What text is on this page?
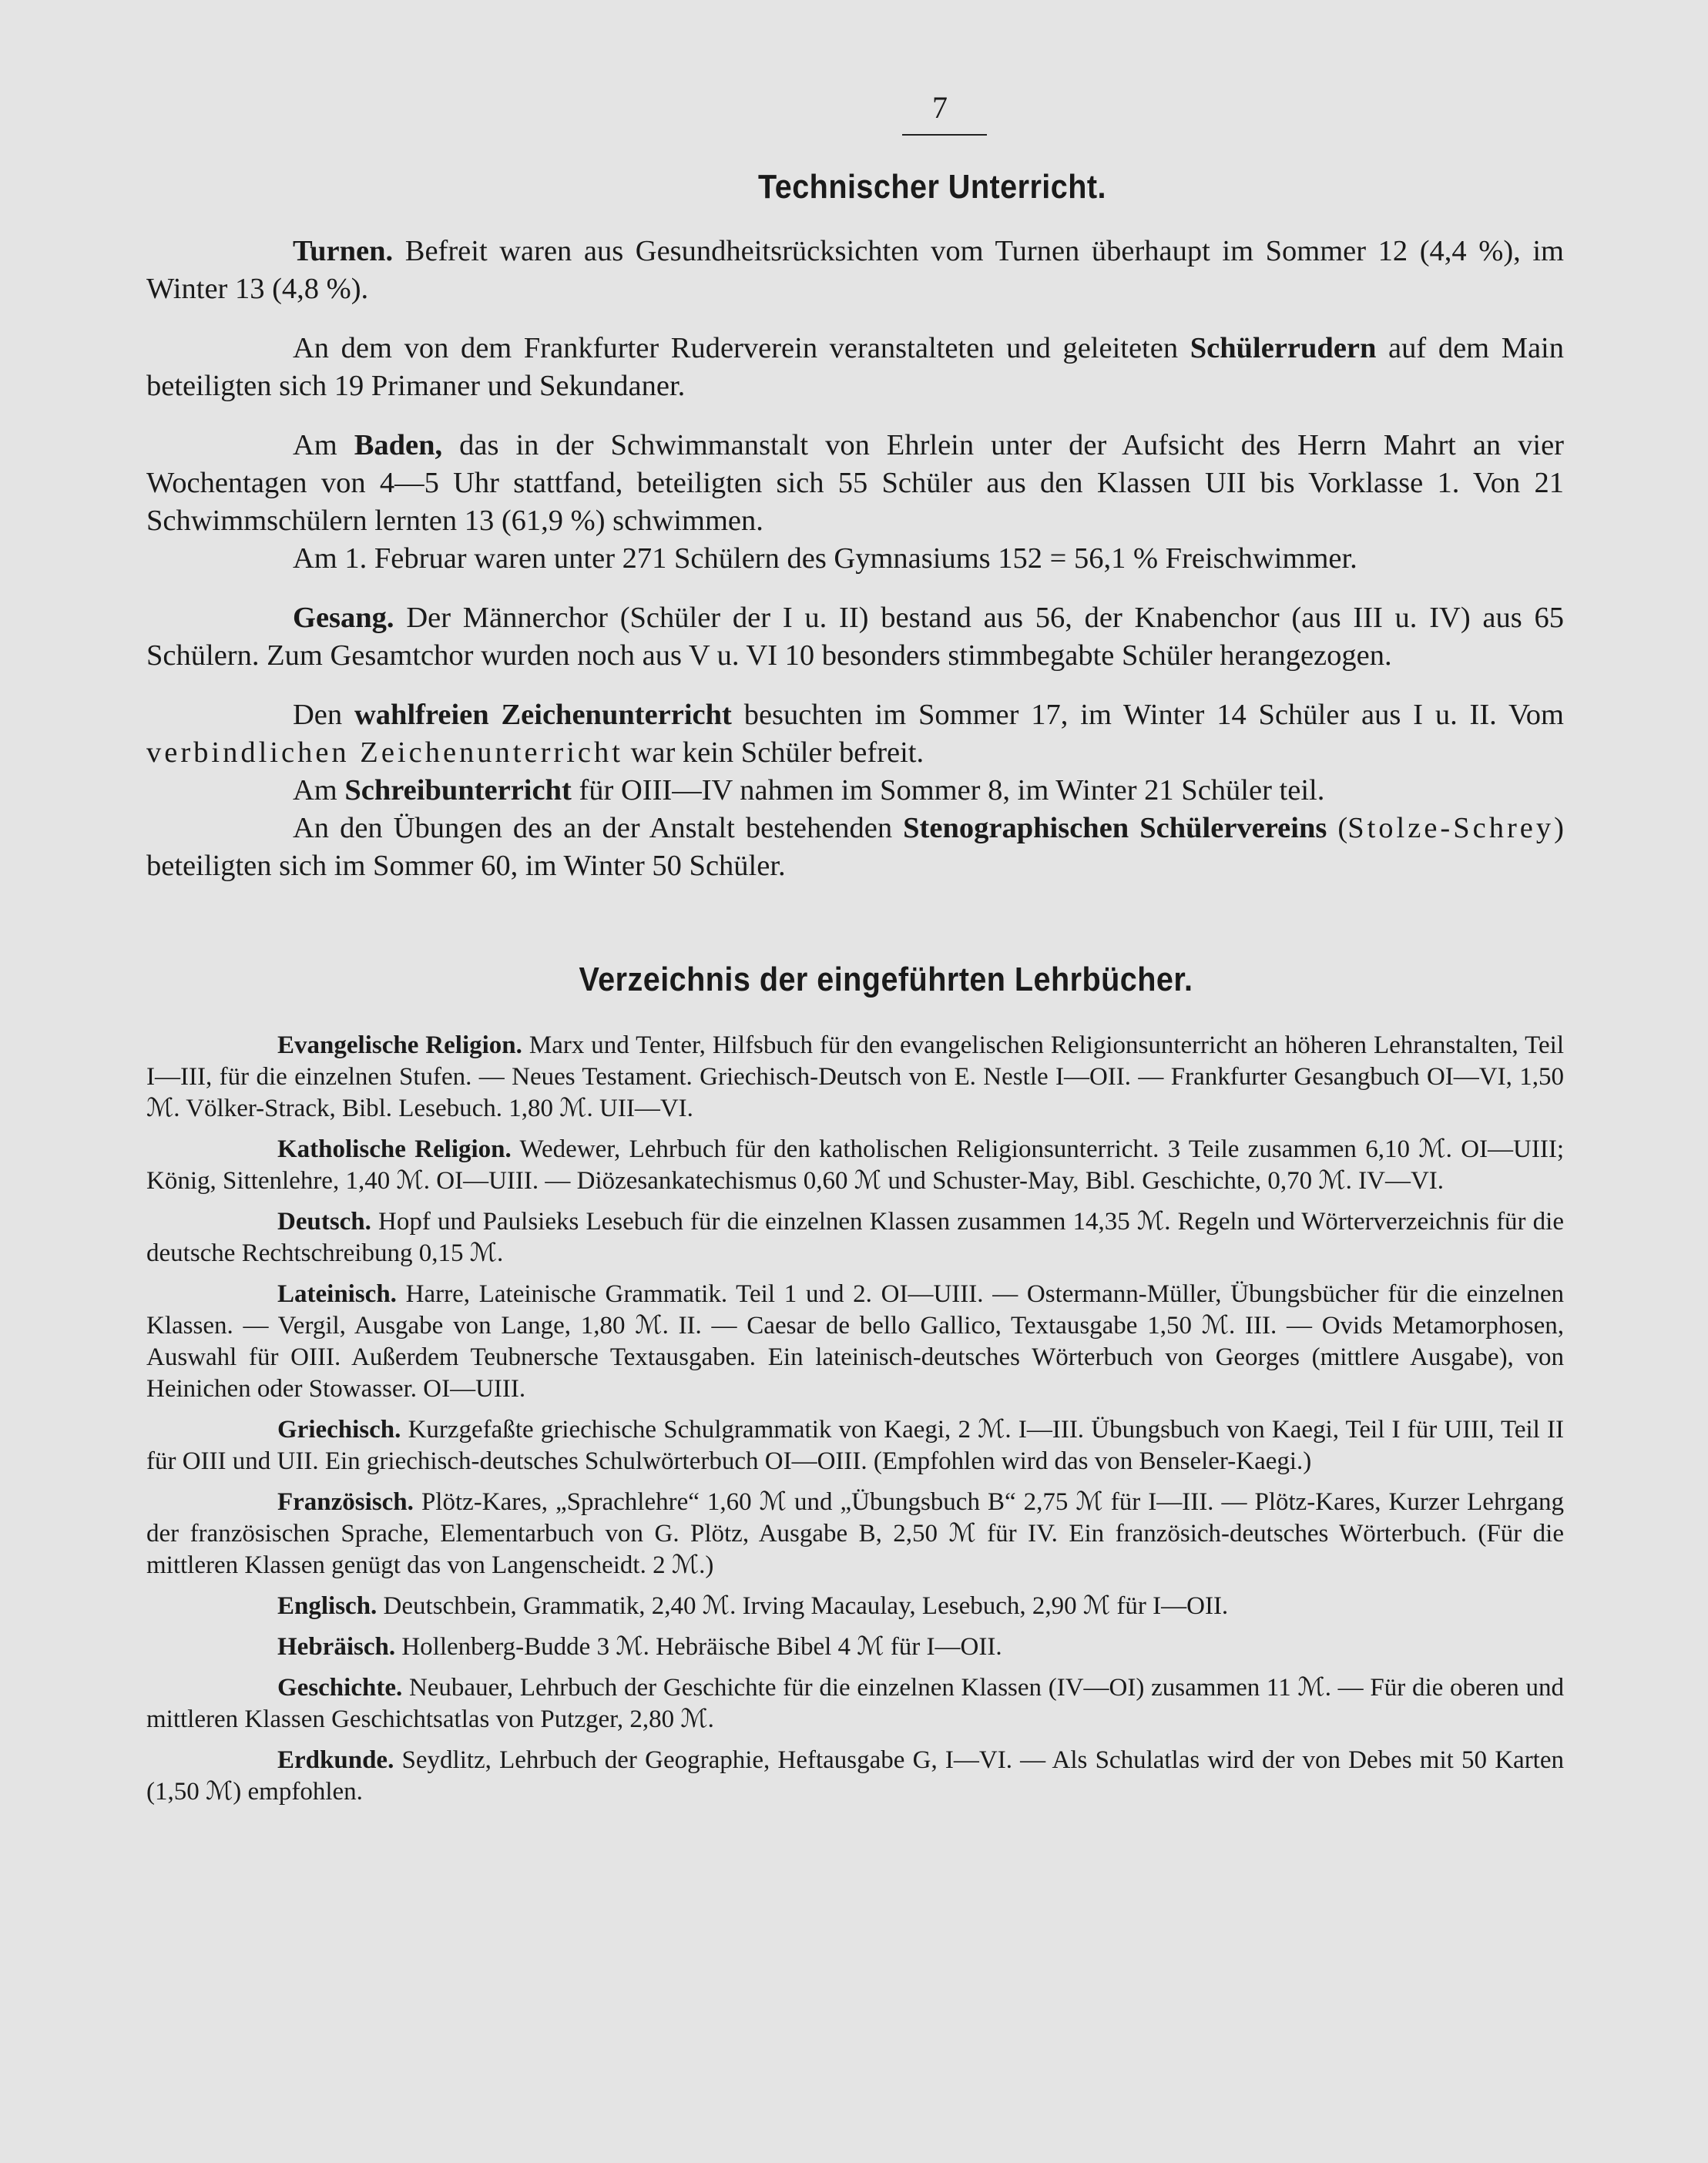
7
Technischer Unterricht.

Turnen. Befreit waren aus Gesundheitsrücksichten vom Turnen überhaupt im Sommer 12 (4,4 %), im Winter 13 (4,8 %).

An dem von dem Frankfurter Ruderverein veranstalteten und geleiteten Schülerrudern auf dem Main beteiligten sich 19 Primaner und Sekundaner.

Am Baden, das in der Schwimmanstalt von Ehrlein unter der Aufsicht des Herrn Mahrt an vier Wochentagen von 4—5 Uhr stattfand, beteiligten sich 55 Schüler aus den Klassen UII bis Vorklasse 1. Von 21 Schwimmschülern lernten 13 (61,9 %) schwimmen.

Am 1. Februar waren unter 271 Schülern des Gymnasiums 152 = 56,1 % Freischwimmer.

Gesang. Der Männerchor (Schüler der I u. II) bestand aus 56, der Knabenchor (aus III u. IV) aus 65 Schülern. Zum Gesamtchor wurden noch aus V u. VI 10 besonders stimmbegabte Schüler herangezogen.

Den wahlfreien Zeichenunterricht besuchten im Sommer 17, im Winter 14 Schüler aus I u. II. Vom verbindlichen Zeichenunterricht war kein Schüler befreit.

Am Schreibunterricht für OIII—IV nahmen im Sommer 8, im Winter 21 Schüler teil.

An den Übungen des an der Anstalt bestehenden Stenographischen Schülervereins (Stolze-Schrey) beteiligten sich im Sommer 60, im Winter 50 Schüler.

Verzeichnis der eingeführten Lehrbücher.

Evangelische Religion. Marx und Tenter, Hilfsbuch für den evangelischen Religionsunterricht an höheren Lehranstalten, Teil I—III, für die einzelnen Stufen. — Neues Testament. Griechisch-Deutsch von E. Nestle I—OII. — Frankfurter Gesangbuch OI—VI, 1,50 ℳ. Völker-Strack, Bibl. Lesebuch. 1,80 ℳ. UII—VI.

Katholische Religion. Wedewer, Lehrbuch für den katholischen Religionsunterricht. 3 Teile zusammen 6,10 ℳ. OI—UIII; König, Sittenlehre, 1,40 ℳ. OI—UIII. — Diözesankatechismus 0,60 ℳ und Schuster-May, Bibl. Geschichte, 0,70 ℳ. IV—VI.

Deutsch. Hopf und Paulsieks Lesebuch für die einzelnen Klassen zusammen 14,35 ℳ. Regeln und Wörterverzeichnis für die deutsche Rechtschreibung 0,15 ℳ.

Lateinisch. Harre, Lateinische Grammatik. Teil 1 und 2. OI—UIII. — Ostermann-Müller, Übungsbücher für die einzelnen Klassen. — Vergil, Ausgabe von Lange, 1,80 ℳ. II. — Caesar de bello Gallico, Textausgabe 1,50 ℳ. III. — Ovids Metamorphosen, Auswahl für OIII. Außerdem Teubnersche Textausgaben. Ein lateinisch-deutsches Wörterbuch von Georges (mittlere Ausgabe), von Heinichen oder Stowasser. OI—UIII.

Griechisch. Kurzgefaßte griechische Schulgrammatik von Kaegi, 2 ℳ. I—III. Übungsbuch von Kaegi, Teil I für UIII, Teil II für OIII und UII. Ein griechisch-deutsches Schulwörterbuch OI—OIII. (Empfohlen wird das von Benseler-Kaegi.)

Französisch. Plötz-Kares, „Sprachlehre“ 1,60 ℳ und „Übungsbuch B“ 2,75 ℳ für I—III. — Plötz-Kares, Kurzer Lehrgang der französischen Sprache, Elementarbuch von G. Plötz, Ausgabe B, 2,50 ℳ für IV. Ein französich-deutsches Wörterbuch. (Für die mittleren Klassen genügt das von Langenscheidt. 2 ℳ.)

Englisch. Deutschbein, Grammatik, 2,40 ℳ. Irving Macaulay, Lesebuch, 2,90 ℳ für I—OII.

Hebräisch. Hollenberg-Budde 3 ℳ. Hebräische Bibel 4 ℳ für I—OII.

Geschichte. Neubauer, Lehrbuch der Geschichte für die einzelnen Klassen (IV—OI) zusammen 11 ℳ. — Für die oberen und mittleren Klassen Geschichtsatlas von Putzger, 2,80 ℳ.

Erdkunde. Seydlitz, Lehrbuch der Geographie, Heftausgabe G, I—VI. — Als Schulatlas wird der von Debes mit 50 Karten (1,50 ℳ) empfohlen.
